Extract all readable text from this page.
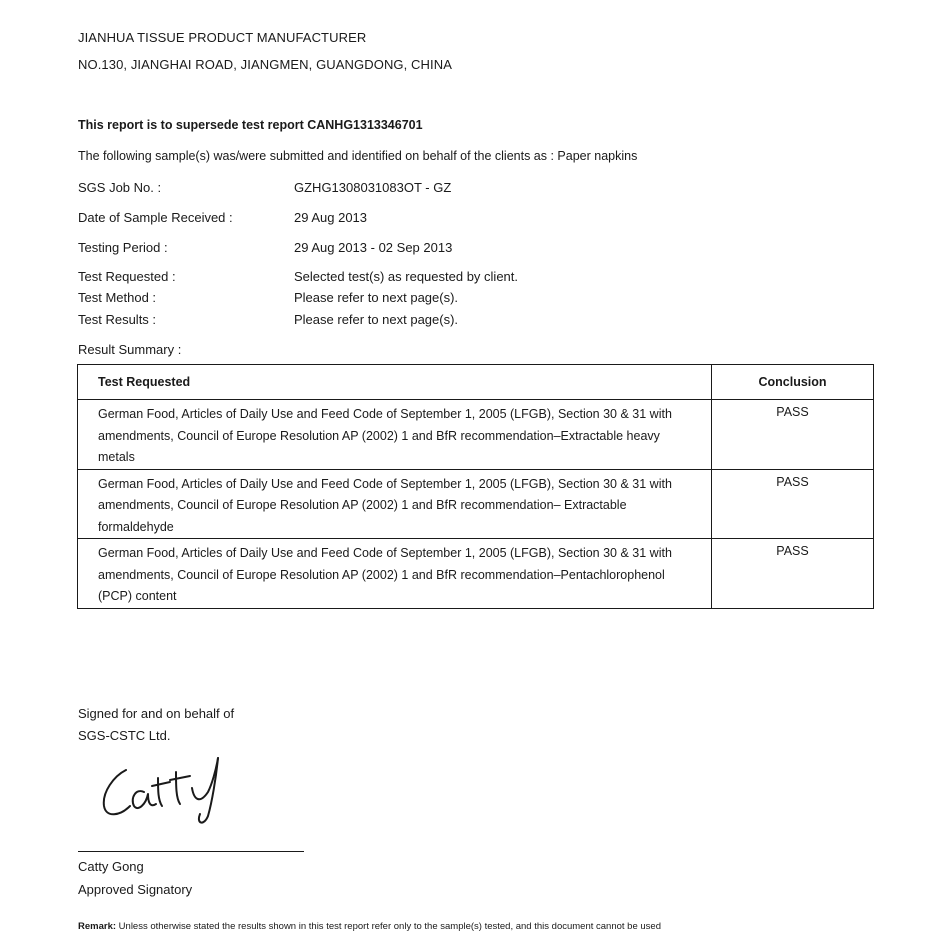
JIANHUA TISSUE PRODUCT MANUFACTURER
NO.130, JIANGHAI ROAD, JIANGMEN, GUANGDONG, CHINA
This report is to supersede test report CANHG1313346701
The following sample(s) was/were submitted and identified on behalf of the clients as : Paper napkins
SGS Job No. :	GZHG1308031083OT - GZ
Date of Sample Received :	29 Aug 2013
Testing Period :	29 Aug 2013 - 02 Sep 2013
Test Requested :	Selected test(s) as requested by client.
Test Method :	Please refer to next page(s).
Test Results :	Please refer to next page(s).
Result Summary :
Test Requested	Conclusion
German Food, Articles of Daily Use and Feed Code of September 1, 2005 (LFGB), Section 30 & 31 with amendments, Council of Europe Resolution AP (2002) 1 and BfR recommendation–Extractable heavy metals	PASS
German Food, Articles of Daily Use and Feed Code of September 1, 2005 (LFGB), Section 30 & 31 with amendments, Council of Europe Resolution AP (2002) 1 and BfR recommendation– Extractable formaldehyde	PASS
German Food, Articles of Daily Use and Feed Code of September 1, 2005 (LFGB), Section 30 & 31 with amendments, Council of Europe Resolution AP (2002) 1 and BfR recommendation–Pentachlorophenol (PCP) content	PASS
Signed for and on behalf of
SGS-CSTC Ltd.
Catty Gong
Approved Signatory
Remark: Unless otherwise stated the results shown in this test report refer only to the sample(s) tested, and this document cannot be used
